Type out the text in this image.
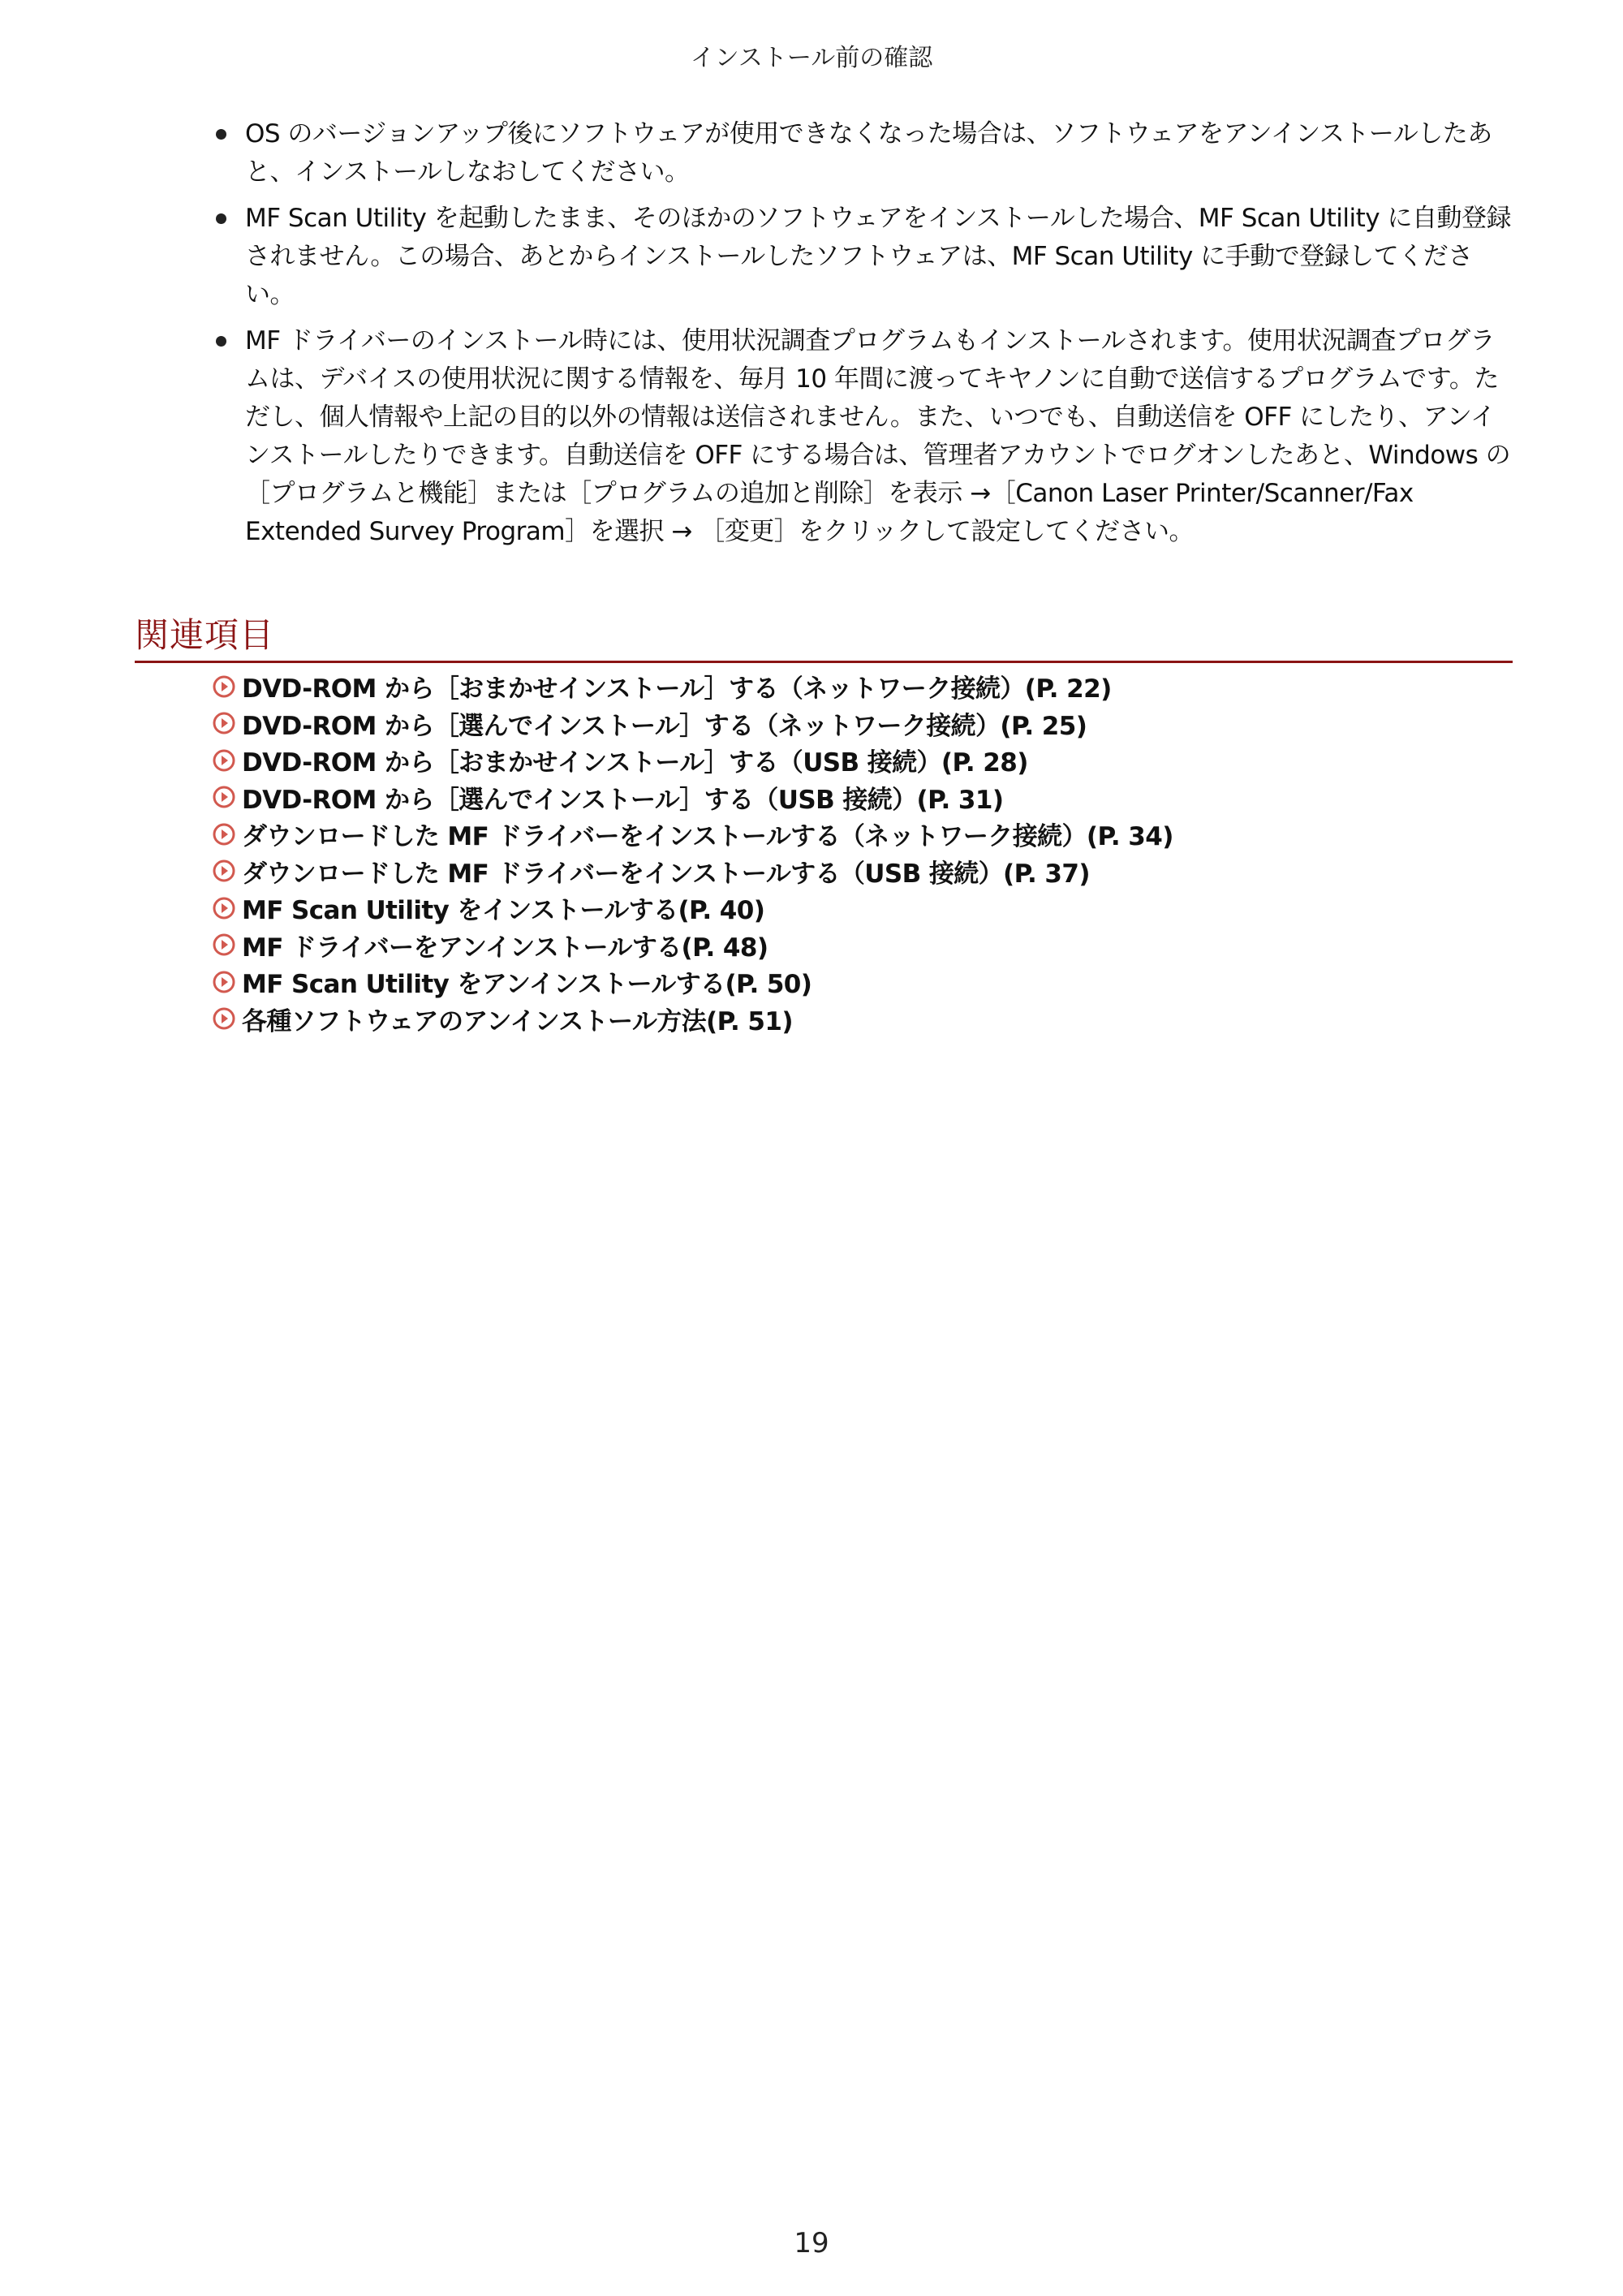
インストール前の確認
OS のバージョンアップ後にソフトウェアが使用できなくなった場合は、ソフトウェアをアンインストールしたあと、インストールしなおしてください。
MF Scan Utility を起動したまま、そのほかのソフトウェアをインストールした場合、MF Scan Utility に自動登録されません。この場合、あとからインストールしたソフトウェアは、MF Scan Utility に手動で登録してください。
MF ドライバーのインストール時には、使用状況調査プログラムもインストールされます。使用状況調査プログラムは、デバイスの使用状況に関する情報を、毎月 10 年間に渡ってキヤノンに自動で送信するプログラムです。ただし、個人情報や上記の目的以外の情報は送信されません。また、いつでも、自動送信を OFF にしたり、アンインストールしたりできます。自動送信を OFF にする場合は、管理者アカウントでログオンしたあと、Windows の［プログラムと機能］または［プログラムの追加と削除］を表示 →［Canon Laser Printer/Scanner/Fax Extended Survey Program］を選択 → ［変更］をクリックして設定してください。
関連項目
DVD-ROM から［おまかせインストール］する（ネットワーク接続）(P. 22)
DVD-ROM から［選んでインストール］する（ネットワーク接続）(P. 25)
DVD-ROM から［おまかせインストール］する（USB 接続）(P. 28)
DVD-ROM から［選んでインストール］する（USB 接続）(P. 31)
ダウンロードした MF ドライバーをインストールする（ネットワーク接続）(P. 34)
ダウンロードした MF ドライバーをインストールする（USB 接続）(P. 37)
MF Scan Utility をインストールする(P. 40)
MF ドライバーをアンインストールする(P. 48)
MF Scan Utility をアンインストールする(P. 50)
各種ソフトウェアのアンインストール方法(P. 51)
19
